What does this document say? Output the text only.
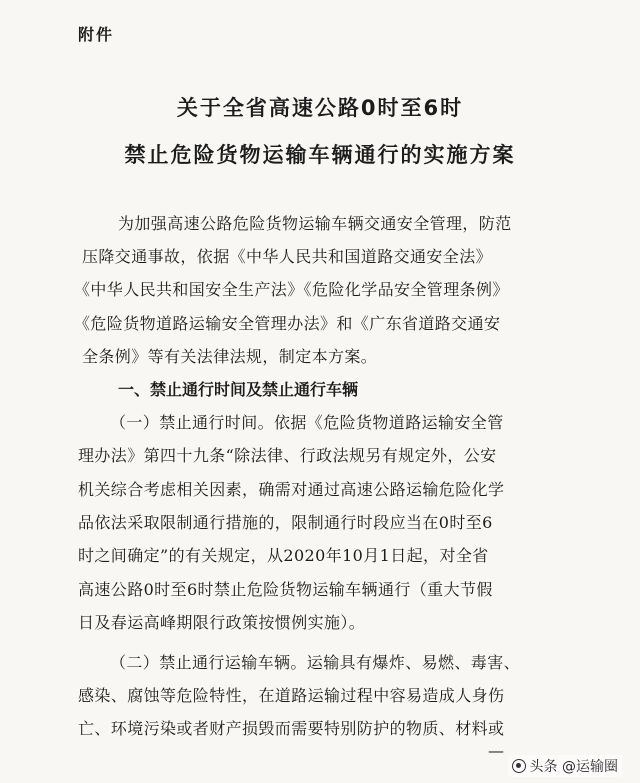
附件
关于全省高速公路0时至6时
禁止危险货物运输车辆通行的实施方案
为加强高速公路危险货物运输车辆交通安全管理，防范
压降交通事故，依据《中华人民共和国道路交通安全法》
《中华人民共和国安全生产法》《危险化学品安全管理条例》
《危险货物道路运输安全管理办法》和《广东省道路交通安
全条例》等有关法律法规，制定本方案。
一、禁止通行时间及禁止通行车辆
（一）禁止通行时间。依据《危险货物道路运输安全管
理办法》第四十九条“除法律、行政法规另有规定外，公安
机关综合考虑相关因素，确需对通过高速公路运输危险化学
品依法采取限制通行措施的，限制通行时段应当在0时至6
时之间确定”的有关规定，从2020年10月1日起，对全省
高速公路0时至6时禁止危险货物运输车辆通行（重大节假
日及春运高峰期限行政策按惯例实施）。
（二）禁止通行运输车辆。运输具有爆炸、易燃、毒害、
感染、腐蚀等危险特性，在道路运输过程中容易造成人身伤
亡、环境污染或者财产损毁而需要特别防护的物质、材料或
—
头条 @运输圈
